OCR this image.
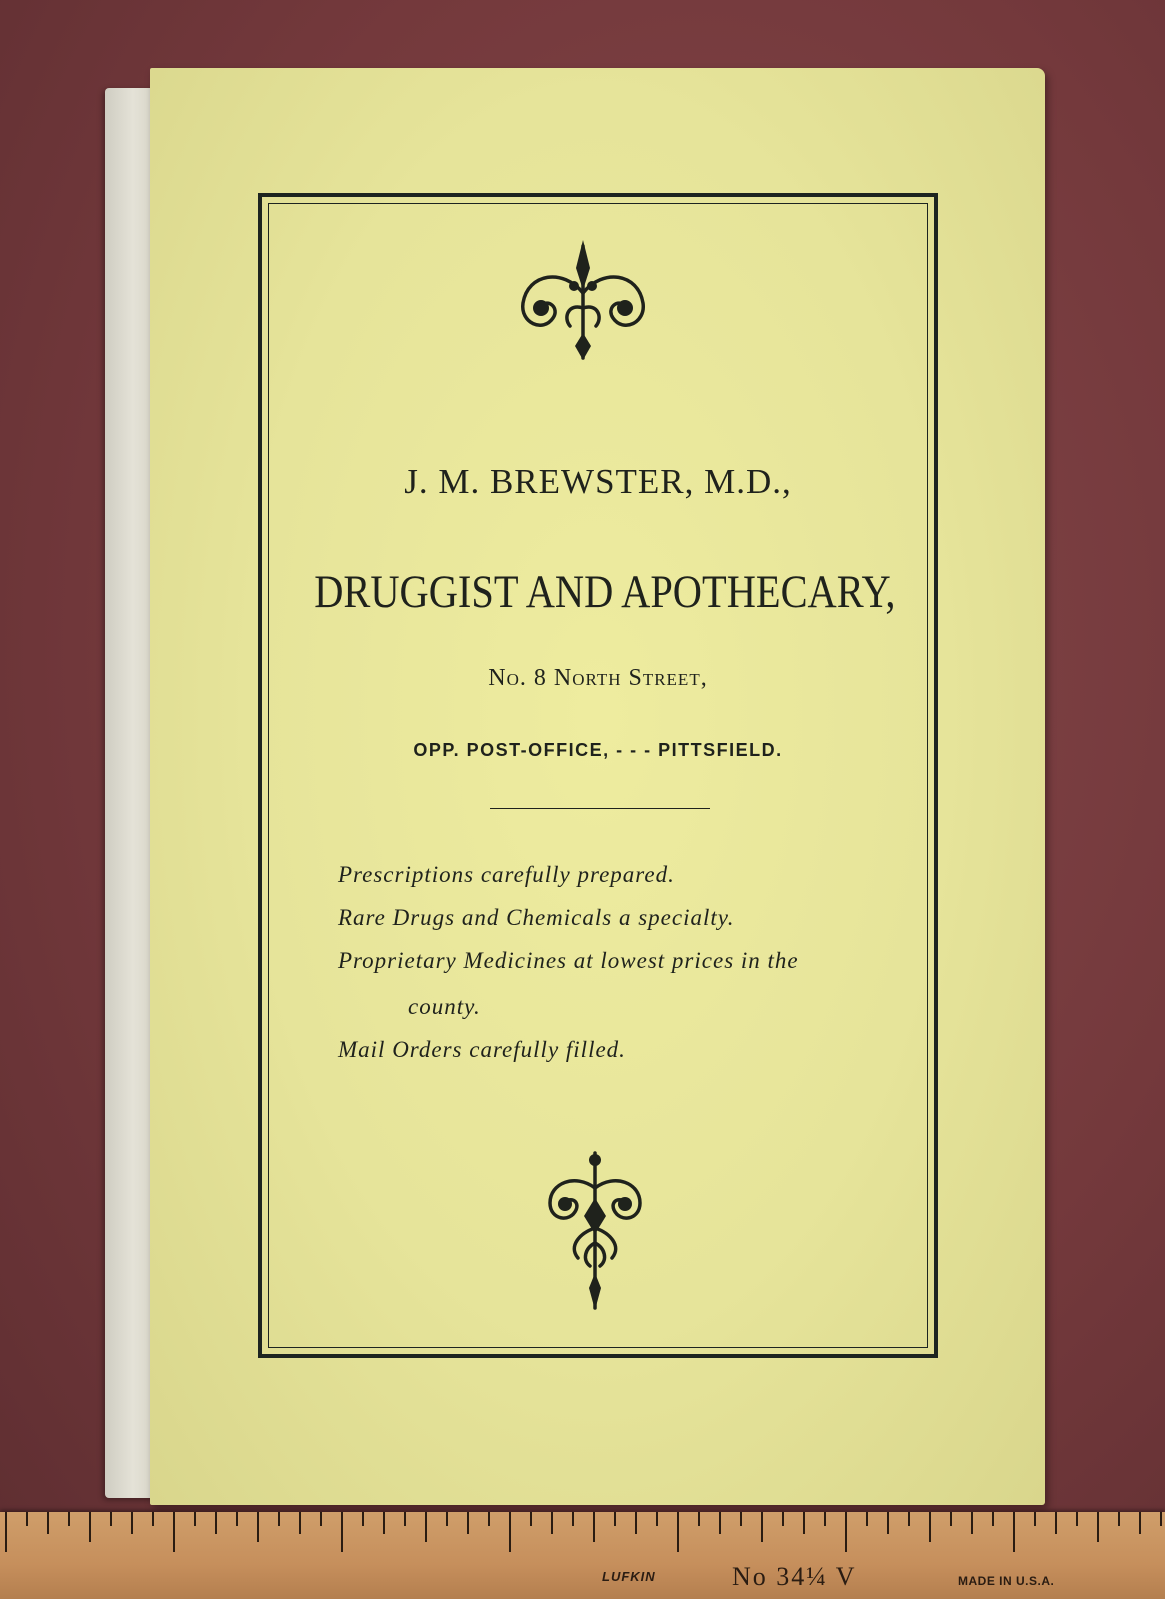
J. M. BREWSTER, M.D.,
DRUGGIST AND APOTHECARY,
No. 8 North Street,
OPP. POST-OFFICE, - - - PITTSFIELD.
Prescriptions carefully prepared.
Rare Drugs and Chemicals a specialty.
Proprietary Medicines at lowest prices in the
county.
Mail Orders carefully filled.
LUFKIN	No 34¼ V	MADE IN U.S.A.
